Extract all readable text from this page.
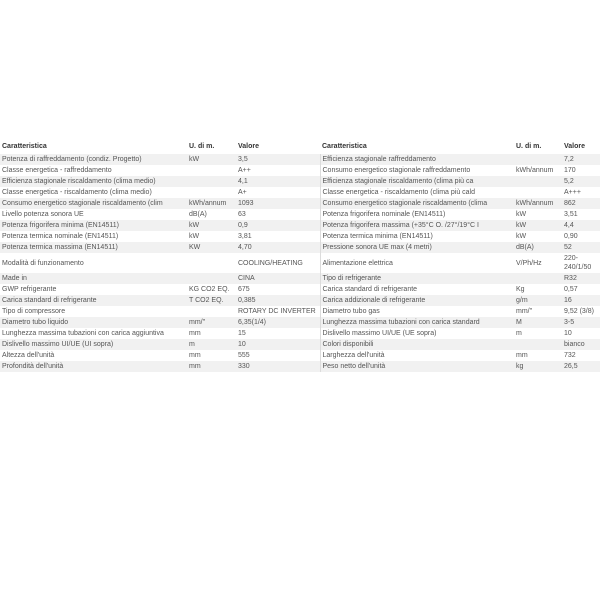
Caratteristica	U. di m.	Valore	Caratteristica	U. di m.	Valore
Potenza di raffreddamento (condiz. Progetto)	kW	3,5	Efficienza stagionale raffreddamento		7,2
Classe energetica - raffreddamento		A++	Consumo energetico stagionale raffreddamento	kWh/annum	170
Efficienza stagionale riscaldamento (clima medio)		4,1	Efficienza stagionale riscaldamento (clima più ca		5,2
Classe energetica - riscaldamento (clima medio)		A+	Classe energetica - riscaldamento (clima più cald		A+++
Consumo energetico stagionale riscaldamento (clim	kWh/annum	1093	Consumo energetico stagionale riscaldamento (clima	kWh/annum	862
Livello potenza sonora UE	dB(A)	63	Potenza frigorifera nominale (EN14511)	kW	3,51
Potenza frigorifera minima (EN14511)	kW	0,9	Potenza frigorifera massima (+35°C O. /27°/19°C I	kW	4,4
Potenza termica nominale (EN14511)	kW	3,81	Potenza termica minima (EN14511)	kW	0,90
Potenza termica massima (EN14511)	KW	4,70	Pressione sonora UE max (4 metri)	dB(A)	52
Modalità di funzionamento		COOLING/HEATING	Alimentazione elettrica	V/Ph/Hz	220-240/1/50
Made in		CINA	Tipo di refrigerante		R32
GWP refrigerante	KG CO2 EQ.	675	Carica standard di refrigerante	Kg	0,57
Carica standard di refrigerante	T CO2 EQ.	0,385	Carica addizionale di refrigerante	g/m	16
Tipo di compressore		ROTARY DC INVERTER	Diametro tubo gas	mm/"	9,52 (3/8)
Diametro tubo liquido	mm/"	6,35(1/4)	Lunghezza massima tubazioni con carica standard	M	3-5
Lunghezza massima tubazioni con carica aggiuntiva	mm	15	Dislivello massimo UI/UE (UE sopra)	m	10
Dislivello massimo UI/UE (UI sopra)	m	10	Colori disponibili		bianco
Altezza dell'unità	mm	555	Larghezza dell'unità	mm	732
Profondità dell'unità	mm	330	Peso netto dell'unità	kg	26,5
